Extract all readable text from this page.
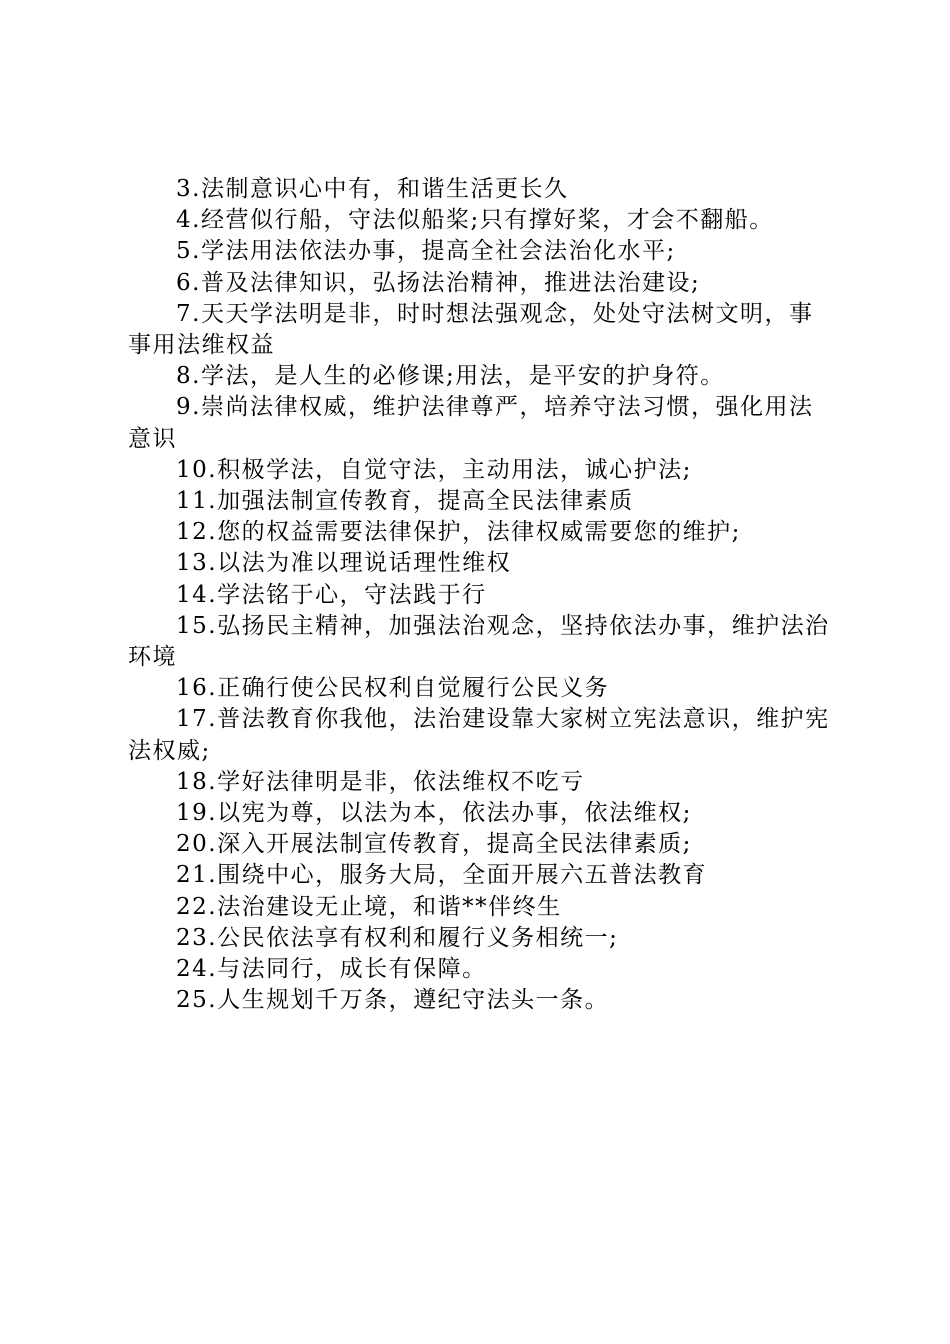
3.法制意识心中有，和谐生活更长久

4.经营似行船，守法似船桨;只有撑好桨，才会不翻船。

5.学法用法依法办事，提高全社会法治化水平;

6.普及法律知识，弘扬法治精神，推进法治建设;

7.天天学法明是非，时时想法强观念，处处守法树文明，事事用法维权益

8.学法，是人生的必修课;用法，是平安的护身符。

9.崇尚法律权威，维护法律尊严，培养守法习惯，强化用法意识

10.积极学法，自觉守法，主动用法，诚心护法;

11.加强法制宣传教育，提高全民法律素质

12.您的权益需要法律保护，法律权威需要您的维护;

13.以法为准以理说话理性维权

14.学法铭于心，守法践于行

15.弘扬民主精神，加强法治观念，坚持依法办事，维护法治环境

16.正确行使公民权利自觉履行公民义务

17.普法教育你我他，法治建设靠大家树立宪法意识，维护宪法权威;

18.学好法律明是非，依法维权不吃亏

19.以宪为尊，以法为本，依法办事，依法维权;

20.深入开展法制宣传教育，提高全民法律素质;

21.围绕中心，服务大局，全面开展六五普法教育

22.法治建设无止境，和谐**伴终生

23.公民依法享有权利和履行义务相统一;

24.与法同行，成长有保障。

25.人生规划千万条，遵纪守法头一条。
